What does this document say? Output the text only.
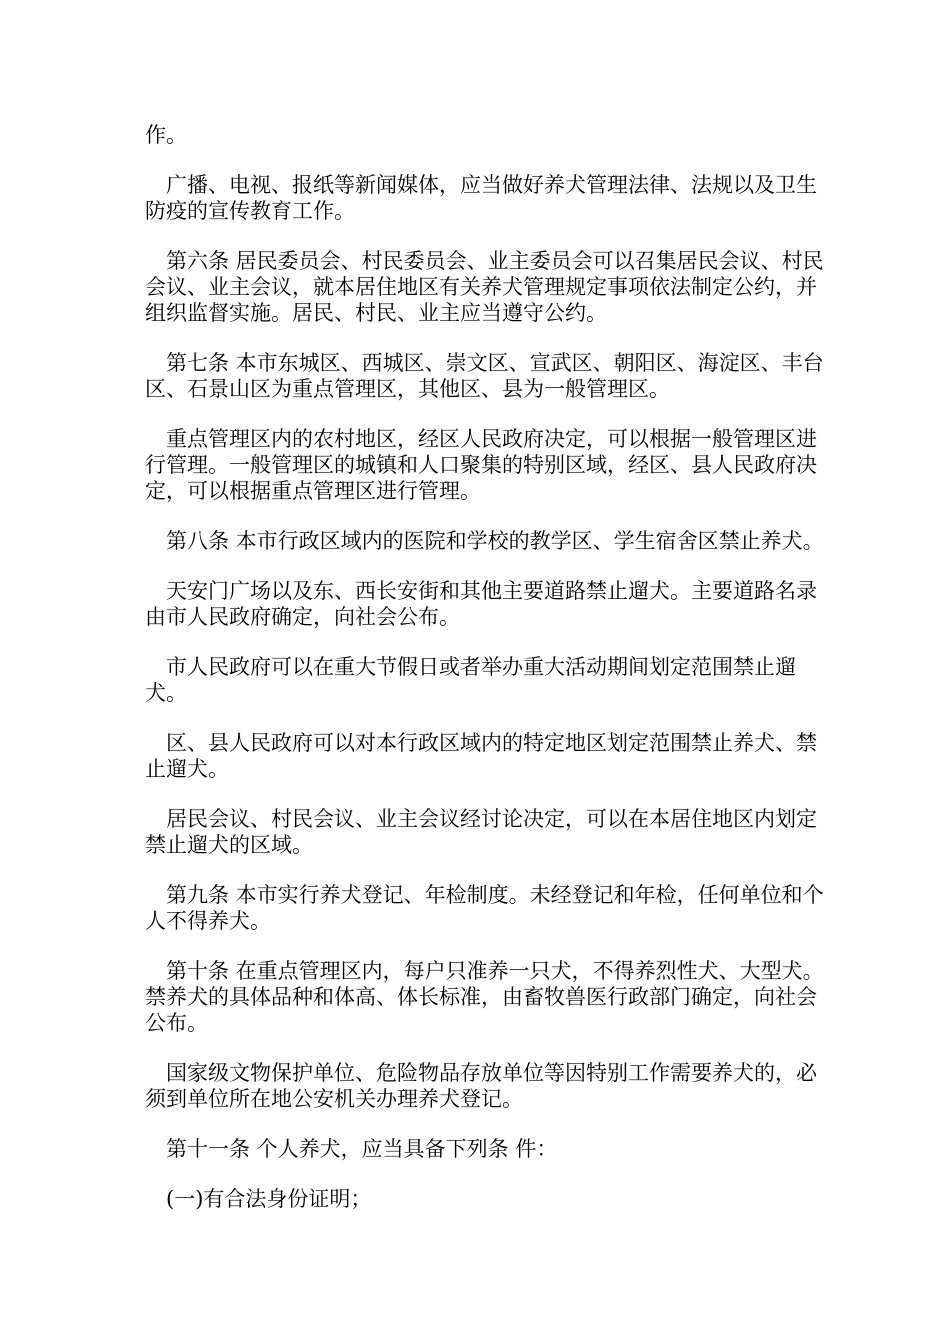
作。

广播、电视、报纸等新闻媒体，应当做好养犬管理法律、法规以及卫生防疫的宣传教育工作。

第六条 居民委员会、村民委员会、业主委员会可以召集居民会议、村民会议、业主会议，就本居住地区有关养犬管理规定事项依法制定公约，并组织监督实施。居民、村民、业主应当遵守公约。

第七条 本市东城区、西城区、崇文区、宣武区、朝阳区、海淀区、丰台区、石景山区为重点管理区，其他区、县为一般管理区。

重点管理区内的农村地区，经区人民政府决定，可以根据一般管理区进行管理。一般管理区的城镇和人口聚集的特别区域，经区、县人民政府决定，可以根据重点管理区进行管理。

第八条 本市行政区域内的医院和学校的教学区、学生宿舍区禁止养犬。

天安门广场以及东、西长安街和其他主要道路禁止遛犬。主要道路名录由市人民政府确定，向社会公布。

市人民政府可以在重大节假日或者举办重大活动期间划定范围禁止遛犬。

区、县人民政府可以对本行政区域内的特定地区划定范围禁止养犬、禁止遛犬。

居民会议、村民会议、业主会议经讨论决定，可以在本居住地区内划定禁止遛犬的区域。

第九条 本市实行养犬登记、年检制度。未经登记和年检，任何单位和个人不得养犬。

第十条 在重点管理区内，每户只准养一只犬，不得养烈性犬、大型犬。禁养犬的具体品种和体高、体长标准，由畜牧兽医行政部门确定，向社会公布。

国家级文物保护单位、危险物品存放单位等因特别工作需要养犬的，必须到单位所在地公安机关办理养犬登记。

第十一条 个人养犬，应当具备下列条 件：

(一)有合法身份证明；
